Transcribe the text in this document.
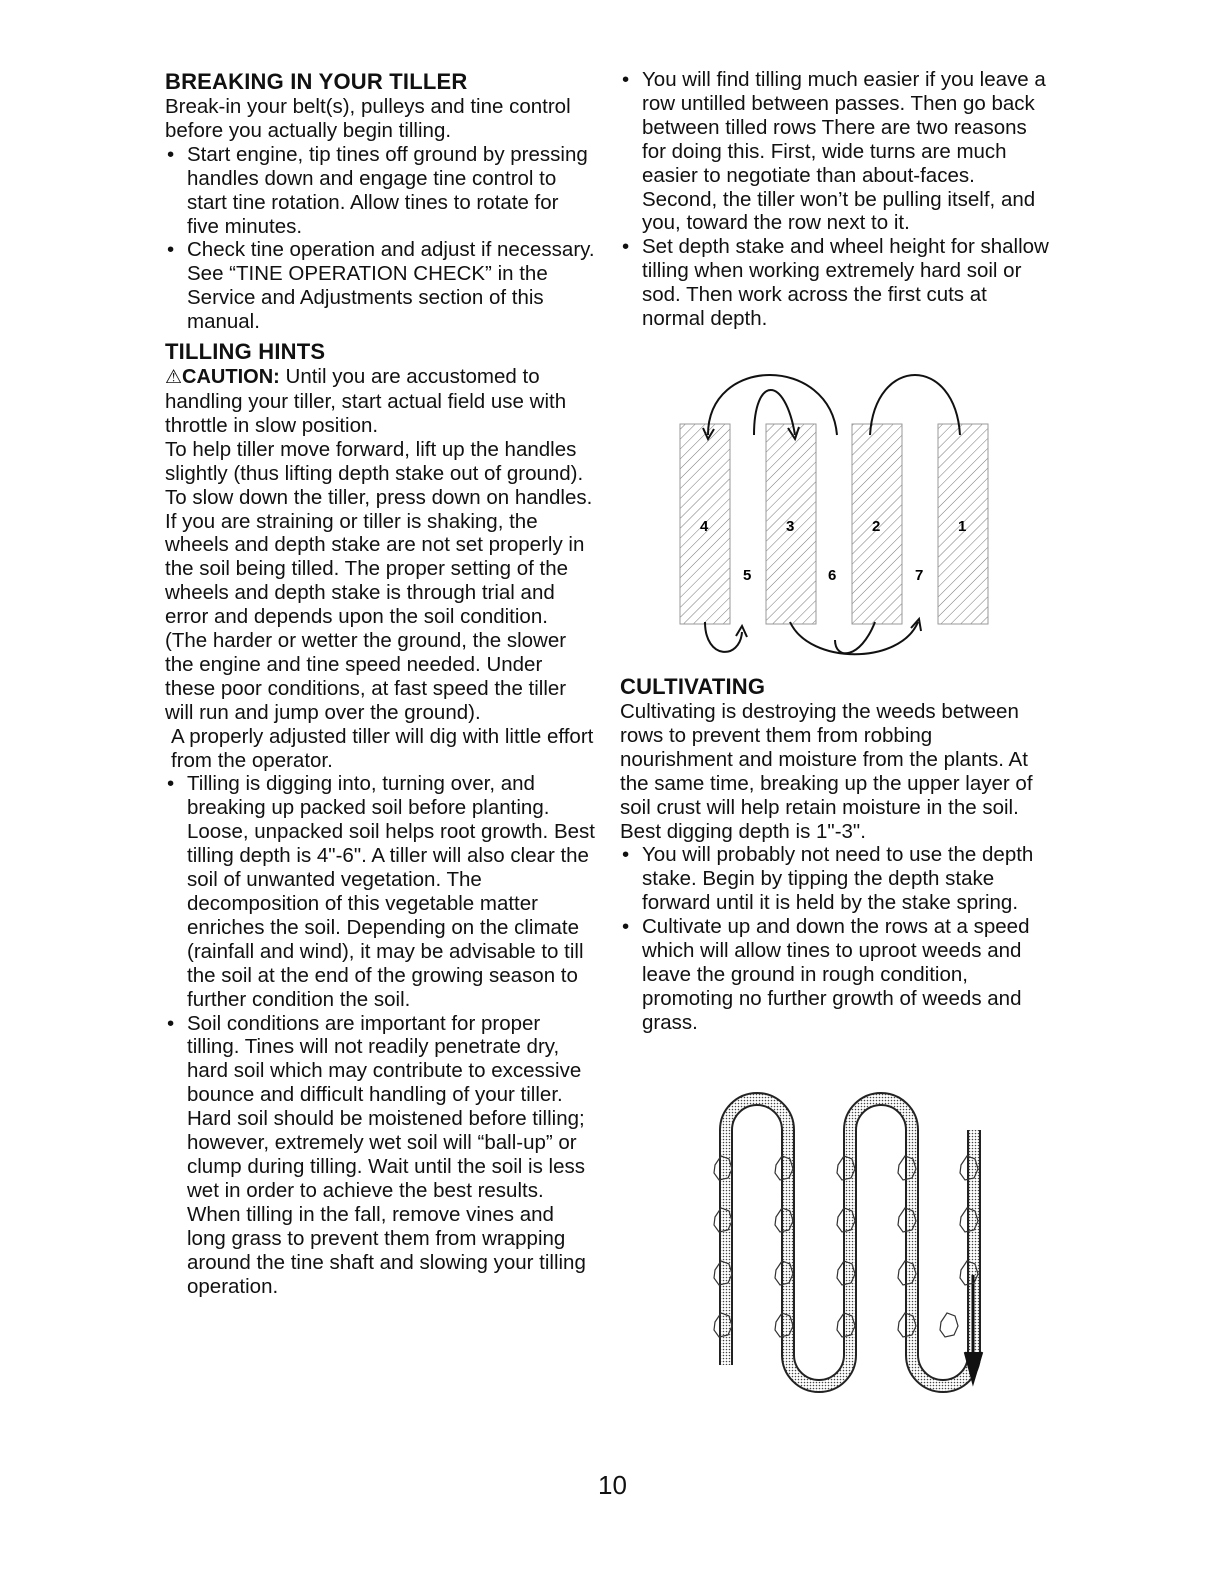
BREAKING IN YOUR TILLER

Break-in your belt(s), pulleys and tine control before you actually begin tilling.

• Start engine, tip tines off ground by pressing handles down and engage tine control to start tine rotation. Allow tines to rotate for five minutes.
• Check tine operation and adjust if necessary. See “TINE OPERATION CHECK” in the Service and Adjustments section of this manual.
TILLING HINTS

⚠CAUTION: Until you are accustomed to handling your tiller, start actual field use with throttle in slow position.

To help tiller move forward, lift up the handles slightly (thus lifting depth stake out of ground). To slow down the tiller, press down on handles.

If you are straining or tiller is shaking, the wheels and depth stake are not set properly in the soil being tilled. The proper setting of the wheels and depth stake is through trial and error and depends upon the soil condition. (The harder or wetter the ground, the slower the engine and tine speed needed. Under these poor conditions, at fast speed the tiller will run and jump over the ground).

A properly adjusted tiller will dig with little effort from the operator.

• Tilling is digging into, turning over, and breaking up packed soil before planting. Loose, unpacked soil helps root growth. Best tilling depth is 4"-6". A tiller will also clear the soil of unwanted vegetation. The decomposition of this vegetable matter enriches the soil. Depending on the climate (rainfall and wind), it may be advisable to till the soil at the end of the growing season to further condition the soil.
• Soil conditions are important for proper tilling. Tines will not readily penetrate dry, hard soil which may contribute to excessive bounce and difficult handling of your tiller. Hard soil should be moistened before tilling; however, extremely wet soil will “ball-up” or clump during tilling. Wait until the soil is less wet in order to achieve the best results. When tilling in the fall, remove vines and long grass to prevent them from wrapping around the tine shaft and slowing your tilling operation.
• You will find tilling much easier if you leave a row untilled between passes. Then go back between tilled rows There are two reasons for doing this. First, wide turns are much easier to negotiate than about-faces. Second, the tiller won’t be pulling itself, and you, toward the row next to it.
• Set depth stake and wheel height for shallow tilling when working extremely hard soil or sod. Then work across the first cuts at normal depth.
4	3	2	1
5	6	7
CULTIVATING

Cultivating is destroying the weeds between rows to prevent them from robbing nourishment and moisture from the plants. At the same time, breaking up the upper layer of soil crust will help retain moisture in the soil. Best digging depth is 1"-3".

• You will probably not need to use the depth stake. Begin by tipping the depth stake forward until it is held by the stake spring.
• Cultivate up and down the rows at a speed which will allow tines to uproot weeds and leave the ground in rough condition, promoting no further growth of weeds and grass.
10
